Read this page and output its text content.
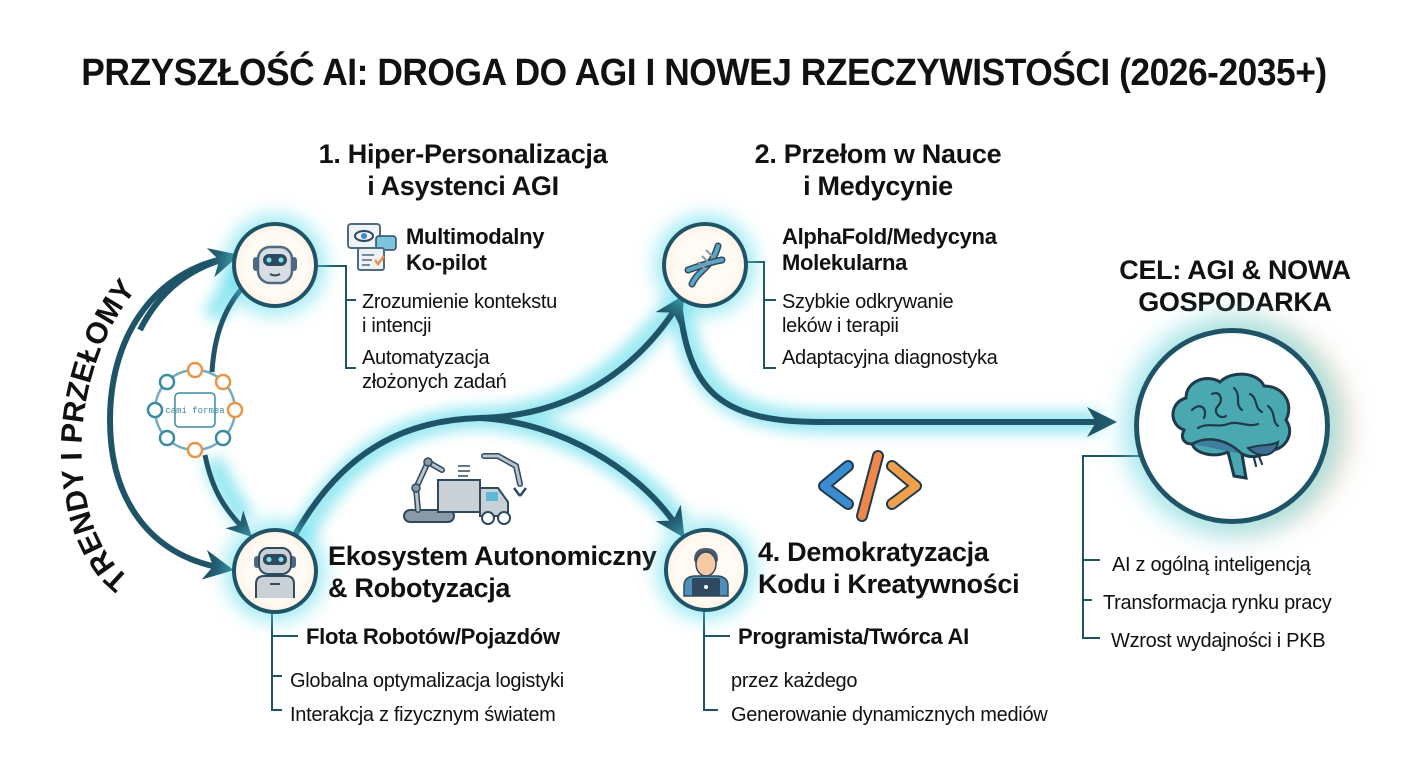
PRZYSZŁOŚĆ AI: DROGA DO AGI I NOWEJ RZECZYWISTOŚCI (2026-2035+)
TRENDY I PRZEŁOMY
cami formea
1. Hiper-Personalizacja
i Asystenci AGI
Multimodalny
Ko-pilot
Zrozumienie kontekstu
i intencji
Automatyzacja
złożonych zadań
2. Przełom w Nauce
i Medycynie
AlphaFold/Medycyna
Molekularna
Szybkie odkrywanie
leków i terapii
Adaptacyjna diagnostyka
Ekosystem Autonomiczny
& Robotyzacja
Flota Robotów/Pojazdów
Globalna optymalizacja logistyki
Interakcja z fizycznym światem
4. Demokratyzacja
Kodu i Kreatywności
Programista/Twórca AI
przez każdego
Generowanie dynamicznych mediów
CEL: AGI & NOWA
GOSPODARKA
AI z ogólną inteligencją
Transformacja rynku pracy
Wzrost wydajności i PKB
